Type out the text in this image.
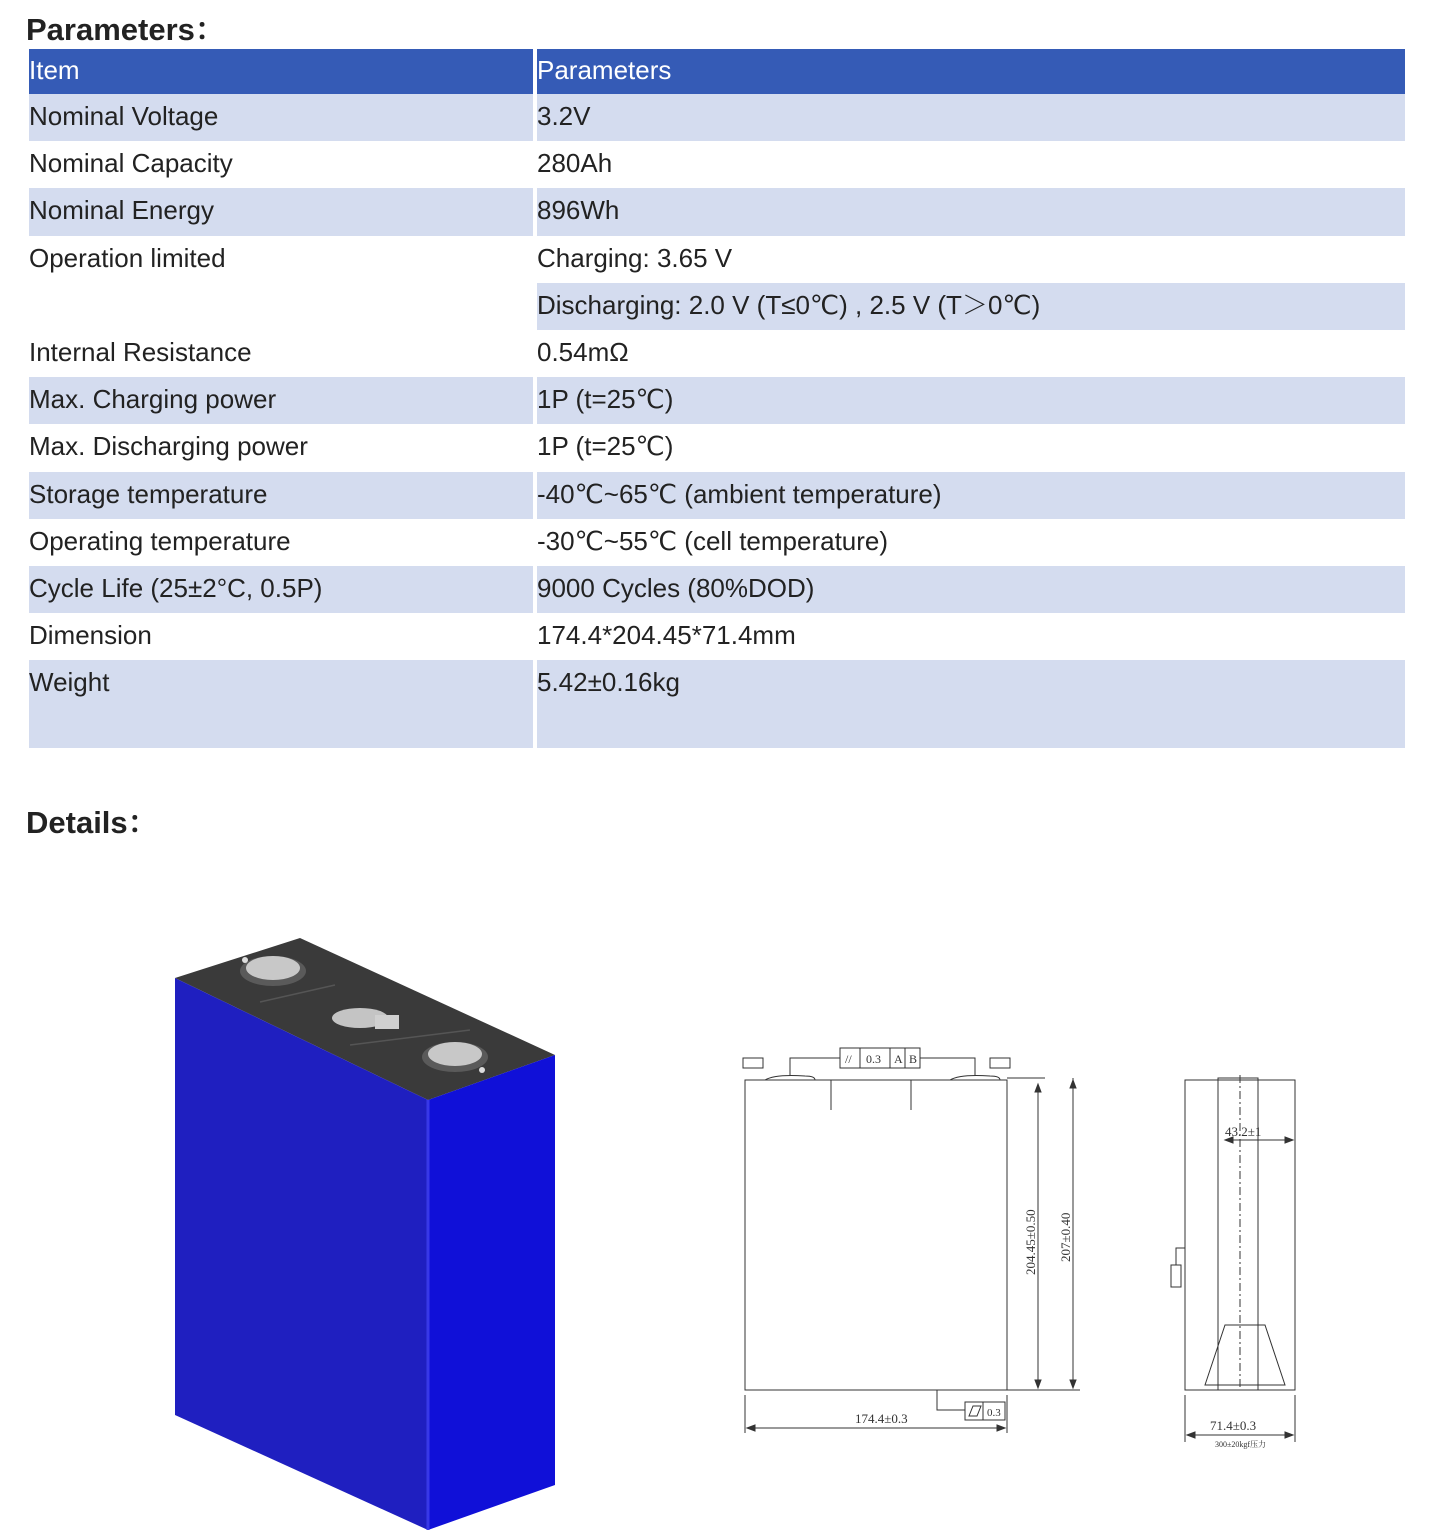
Parameters：
Item	Parameters
Nominal Voltage	3.2V
Nominal Capacity	280Ah
Nominal Energy	896Wh
Operation limited	Charging: 3.65 V
Discharging: 2.0 V (T≤0℃) , 2.5 V (T＞0℃)
Internal Resistance	0.54mΩ
Max. Charging power	1P (t=25℃)
Max. Discharging power	1P (t=25℃)
Storage temperature	-40℃~65℃ (ambient temperature)
Operating temperature	-30℃~55℃ (cell temperature)
Cycle Life (25±2°C, 0.5P)	9000 Cycles (80%DOD)
Dimension	174.4*204.45*71.4mm
Weight	5.42±0.16kg
Details：
// 0.3 A B
204.45±0.50 207±0.40
174.4±0.3	0.3
43.2±1
71.4±0.3
300±20kgf压力
